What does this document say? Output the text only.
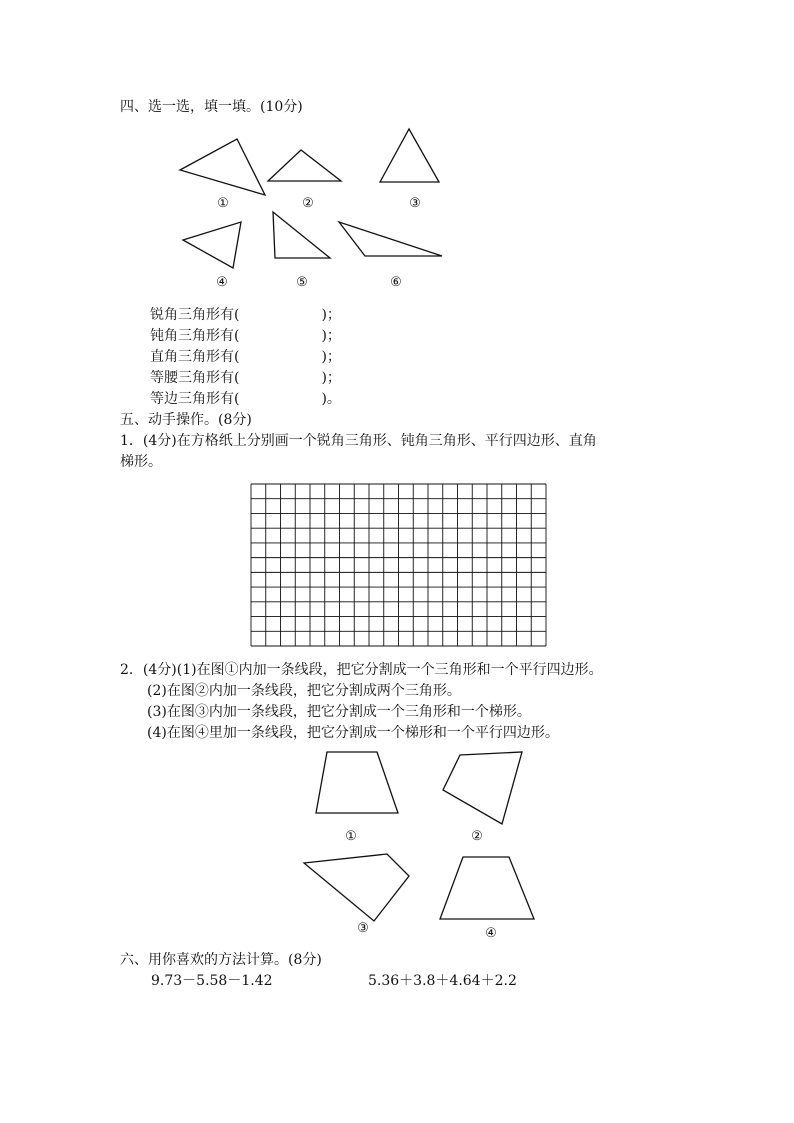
四、选一选，填一填。(10分)
①	②	③
④	⑤	⑥
锐角三角形有(	)；
钝角三角形有(	)；
直角三角形有(	)；
等腰三角形有(	)；
等边三角形有(	)。
五、动手操作。(8分)
1．(4分)在方格纸上分别画一个锐角三角形、钝角三角形、平行四边形、直角
梯形。
2．(4分)(1)在图①内加一条线段，把它分割成一个三角形和一个平行四边形。
(2)在图②内加一条线段，把它分割成两个三角形。
(3)在图③内加一条线段，把它分割成一个三角形和一个梯形。
(4)在图④里加一条线段，把它分割成一个梯形和一个平行四边形。
①	②
③	④
六、用你喜欢的方法计算。(8分)
9.73－5.58－1.42	5.36＋3.8＋4.64＋2.2
